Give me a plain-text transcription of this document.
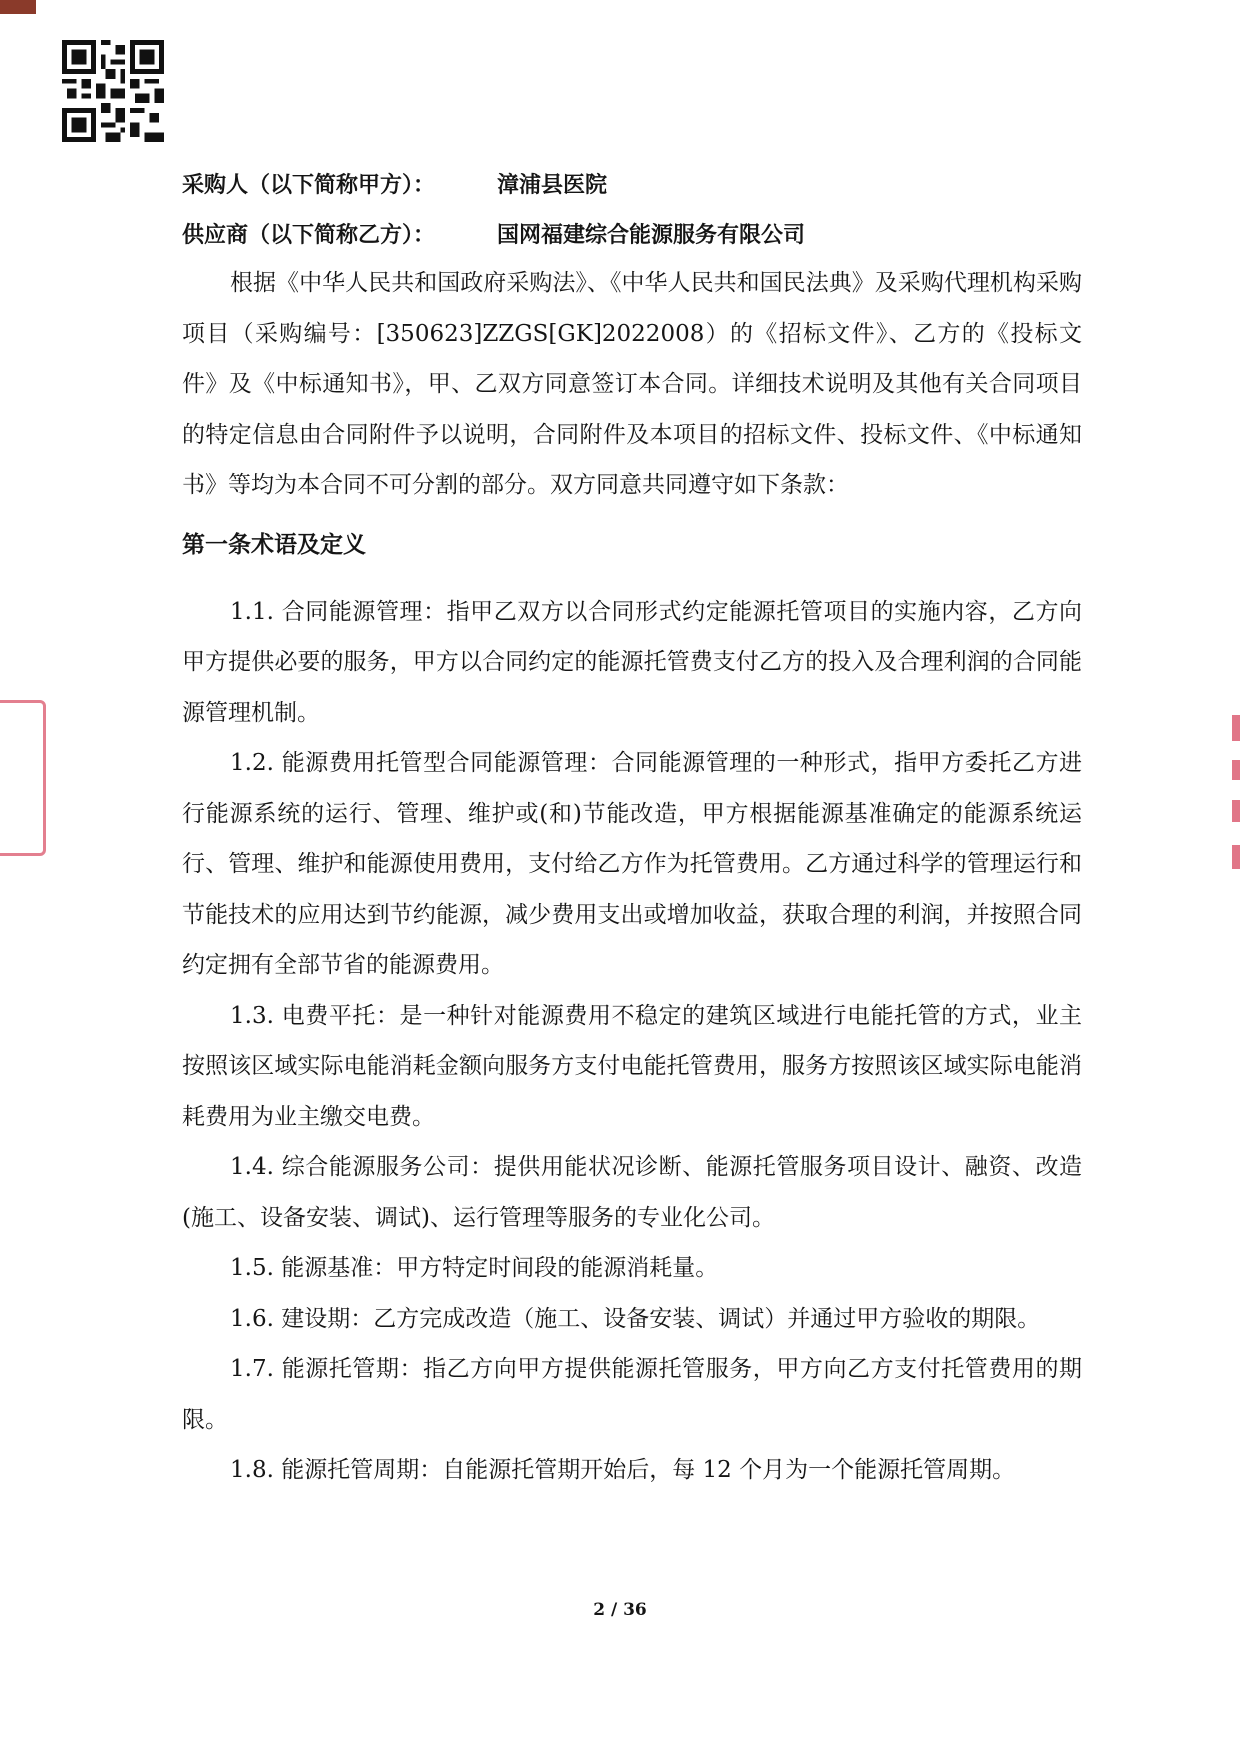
采购人（以下简称甲方）：	漳浦县医院
供应商（以下简称乙方）：	国网福建综合能源服务有限公司

根据《中华人民共和国政府采购法》、《中华人民共和国民法典》及采购代理机构采购项目（采购编号：[350623]ZZGS[GK]2022008）的《招标文件》、乙方的《投标文件》及《中标通知书》，甲、乙双方同意签订本合同。详细技术说明及其他有关合同项目的特定信息由合同附件予以说明，合同附件及本项目的招标文件、投标文件、《中标通知书》等均为本合同不可分割的部分。双方同意共同遵守如下条款：

第一条术语及定义

1.1. 合同能源管理：指甲乙双方以合同形式约定能源托管项目的实施内容，乙方向甲方提供必要的服务，甲方以合同约定的能源托管费支付乙方的投入及合理利润的合同能源管理机制。

1.2. 能源费用托管型合同能源管理：合同能源管理的一种形式，指甲方委托乙方进行能源系统的运行、管理、维护或(和)节能改造，甲方根据能源基准确定的能源系统运行、管理、维护和能源使用费用，支付给乙方作为托管费用。乙方通过科学的管理运行和节能技术的应用达到节约能源，减少费用支出或增加收益，获取合理的利润，并按照合同约定拥有全部节省的能源费用。

1.3. 电费平托：是一种针对能源费用不稳定的建筑区域进行电能托管的方式，业主按照该区域实际电能消耗金额向服务方支付电能托管费用，服务方按照该区域实际电能消耗费用为业主缴交电费。

1.4. 综合能源服务公司：提供用能状况诊断、能源托管服务项目设计、融资、改造(施工、设备安装、调试)、运行管理等服务的专业化公司。

1.5. 能源基准：甲方特定时间段的能源消耗量。

1.6. 建设期：乙方完成改造（施工、设备安装、调试）并通过甲方验收的期限。

1.7. 能源托管期：指乙方向甲方提供能源托管服务，甲方向乙方支付托管费用的期限。

1.8. 能源托管周期：自能源托管期开始后，每 12 个月为一个能源托管周期。

2 / 36
